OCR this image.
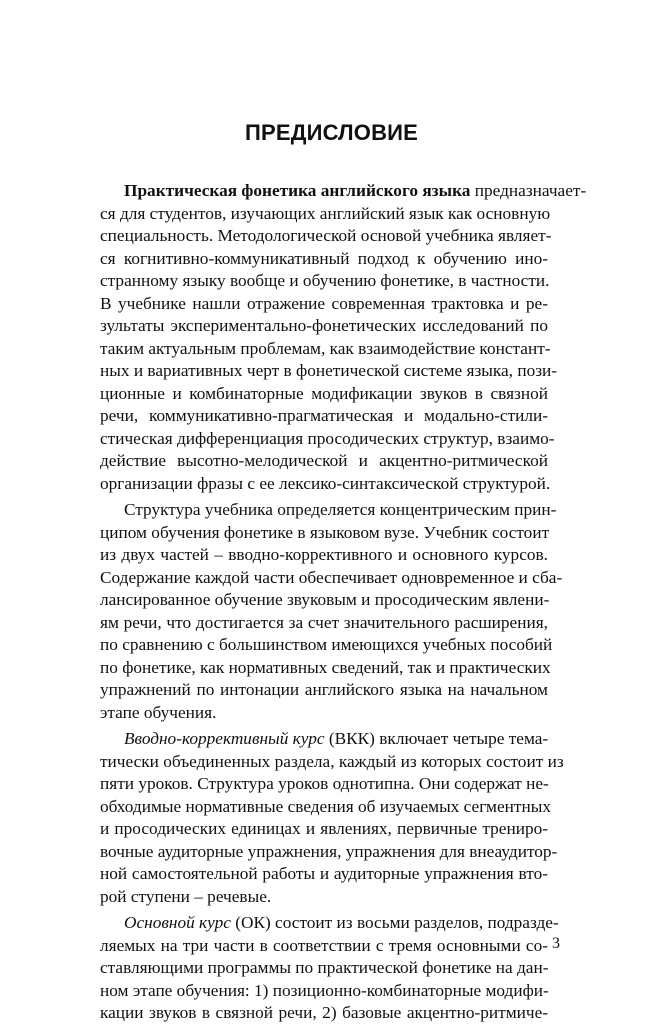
ПРЕДИСЛОВИЕ
Практическая фонетика английского языка предназначает-
ся для студентов, изучающих английский язык как основную
специальность. Методологической основой учебника являет-
ся когнитивно-коммуникативный подход к обучению ино-
странному языку вообще и обучению фонетике, в частности.
В учебнике нашли отражение современная трактовка и ре-
зультаты экспериментально-фонетических исследований по
таким актуальным проблемам, как взаимодействие констант-
ных и вариативных черт в фонетической системе языка, пози-
ционные и комбинаторные модификации звуков в связной
речи, коммуникативно-прагматическая и модально-стили-
стическая дифференциация просодических структур, взаимо-
действие высотно-мелодической и акцентно-ритмической
организации фразы с ее лексико-синтаксической структурой.
Структура учебника определяется концентрическим прин-
ципом обучения фонетике в языковом вузе. Учебник состоит
из двух частей – вводно-коррективного и основного курсов.
Содержание каждой части обеспечивает одновременное и сба-
лансированное обучение звуковым и просодическим явлени-
ям речи, что достигается за счет значительного расширения,
по сравнению с большинством имеющихся учебных пособий
по фонетике, как нормативных сведений, так и практических
упражнений по интонации английского языка на начальном
этапе обучения.
Вводно-коррективный курс (ВКК) включает четыре тема-
тически объединенных раздела, каждый из которых состоит из
пяти уроков. Структура уроков однотипна. Они содержат не-
обходимые нормативные сведения об изучаемых сегментных
и просодических единицах и явлениях, первичные трениро-
вочные аудиторные упражнения, упражнения для внеаудитор-
ной самостоятельной работы и аудиторные упражнения вто-
рой ступени – речевые.
Основной курс (ОК) состоит из восьми разделов, подразде-
ляемых на три части в соответствии с тремя основными со-
ставляющими программы по практической фонетике на дан-
ном этапе обучения: 1) позиционно-комбинаторные модифи-
кации звуков в связной речи, 2) базовые акцентно-ритмиче-
3
